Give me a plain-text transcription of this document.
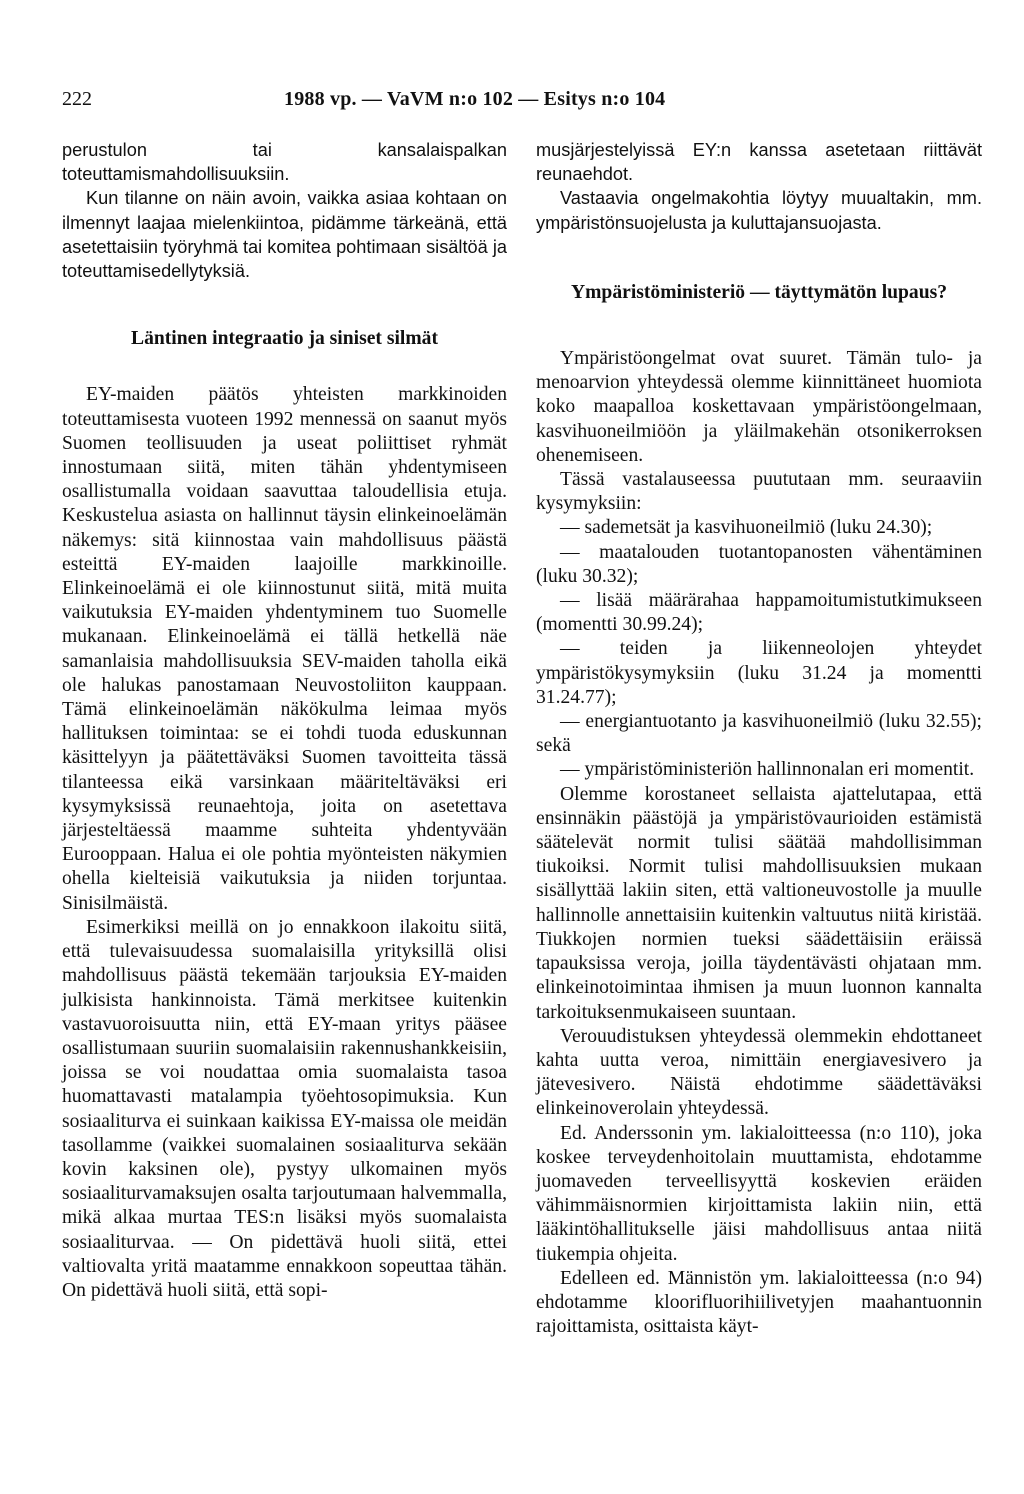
222	1988 vp. — VaVM n:o 102 — Esitys n:o 104

perustulon tai kansalaispalkan toteuttamismahdollisuuksiin.

Kun tilanne on näin avoin, vaikka asiaa kohtaan on ilmennyt laajaa mielenkiintoa, pidämme tärkeänä, että asetettaisiin työryhmä tai komitea pohtimaan sisältöä ja toteuttamisedellytyksiä.

Läntinen integraatio ja siniset silmät

EY-maiden päätös yhteisten markkinoiden toteuttamisesta vuoteen 1992 mennessä on saanut myös Suomen teollisuuden ja useat poliittiset ryhmät innostumaan siitä, miten tähän yhdentymiseen osallistumalla voidaan saavuttaa taloudellisia etuja. Keskustelua asiasta on hallinnut täysin elinkeinoelämän näkemys: sitä kiinnostaa vain mahdollisuus päästä esteittä EY-maiden laajoille markkinoille. Elinkeinoelämä ei ole kiinnostunut siitä, mitä muita vaikutuksia EY-maiden yhdentyminem tuo Suomelle mukanaan. Elinkeinoelämä ei tällä hetkellä näe samanlaisia mahdollisuuksia SEV-maiden taholla eikä ole halukas panostamaan Neuvostoliiton kauppaan. Tämä elinkeinoelämän näkökulma leimaa myös hallituksen toimintaa: se ei tohdi tuoda eduskunnan käsittelyyn ja päätettäväksi Suomen tavoitteita tässä tilanteessa eikä varsinkaan määriteltäväksi eri kysymyksissä reunaehtoja, joita on asetettava järjesteltäessä maamme suhteita yhdentyvään Eurooppaan. Halua ei ole pohtia myönteisten näkymien ohella kielteisiä vaikutuksia ja niiden torjuntaa. Sinisilmäistä.

Esimerkiksi meillä on jo ennakkoon ilakoitu siitä, että tulevaisuudessa suomalaisilla yrityksillä olisi mahdollisuus päästä tekemään tarjouksia EY-maiden julkisista hankinnoista. Tämä merkitsee kuitenkin vastavuoroisuutta niin, että EY-maan yritys pääsee osallistumaan suuriin suomalaisiin rakennushankkeisiin, joissa se voi noudattaa omia suomalaista tasoa huomattavasti matalampia työehtosopimuksia. Kun sosiaaliturva ei suinkaan kaikissa EY-maissa ole meidän tasollamme (vaikkei suomalainen sosiaaliturva sekään kovin kaksinen ole), pystyy ulkomainen myös sosiaaliturvamaksujen osalta tarjoutumaan halvemmalla, mikä alkaa murtaa TES:n lisäksi myös suomalaista sosiaaliturvaa. — On pidettävä huoli siitä, ettei valtiovalta yritä maatamme ennakkoon sopeuttaa tähän. On pidettävä huoli siitä, että sopi-

musjärjestelyissä EY:n kanssa asetetaan riittävät reunaehdot.

Vastaavia ongelmakohtia löytyy muualtakin, mm. ympäristönsuojelusta ja kuluttajansuojasta.

Ympäristöministeriö — täyttymätön lupaus?

Ympäristöongelmat ovat suuret. Tämän tulo- ja menoarvion yhteydessä olemme kiinnittäneet huomiota koko maapalloa koskettavaan ympäristöongelmaan, kasvihuoneilmiöön ja yläilmakehän otsonikerroksen ohenemiseen.

Tässä vastalauseessa puututaan mm. seuraaviin kysymyksiin:

— sademetsät ja kasvihuoneilmiö (luku 24.30);

— maatalouden tuotantopanosten vähentäminen (luku 30.32);

— lisää määrärahaa happamoitumistutkimukseen (momentti 30.99.24);

— teiden ja liikenneolojen yhteydet ympäristökysymyksiin (luku 31.24 ja momentti 31.24.77);

— energiantuotanto ja kasvihuoneilmiö (luku 32.55); sekä

— ympäristöministeriön hallinnonalan eri momentit.

Olemme korostaneet sellaista ajattelutapaa, että ensinnäkin päästöjä ja ympäristövaurioiden estämistä säätelevät normit tulisi säätää mahdollisimman tiukoiksi. Normit tulisi mahdollisuuksien mukaan sisällyttää lakiin siten, että valtioneuvostolle ja muulle hallinnolle annettaisiin kuitenkin valtuutus niitä kiristää. Tiukkojen normien tueksi säädettäisiin eräissä tapauksissa veroja, joilla täydentävästi ohjataan mm. elinkeinotoimintaa ihmisen ja muun luonnon kannalta tarkoituksenmukaiseen suuntaan.

Verouudistuksen yhteydessä olemmekin ehdottaneet kahta uutta veroa, nimittäin energiavesivero ja jätevesivero. Näistä ehdotimme säädettäväksi elinkeinoverolain yhteydessä.

Ed. Anderssonin ym. lakialoitteessa (n:o 110), joka koskee terveydenhoitolain muuttamista, ehdotamme juomaveden terveellisyyttä koskevien eräiden vähimmäisnormien kirjoittamista lakiin niin, että lääkintöhallitukselle jäisi mahdollisuus antaa niitä tiukempia ohjeita.

Edelleen ed. Männistön ym. lakialoitteessa (n:o 94) ehdotamme kloorifluorihiilivetyjen maahantuonnin rajoittamista, osittaista käyt-
